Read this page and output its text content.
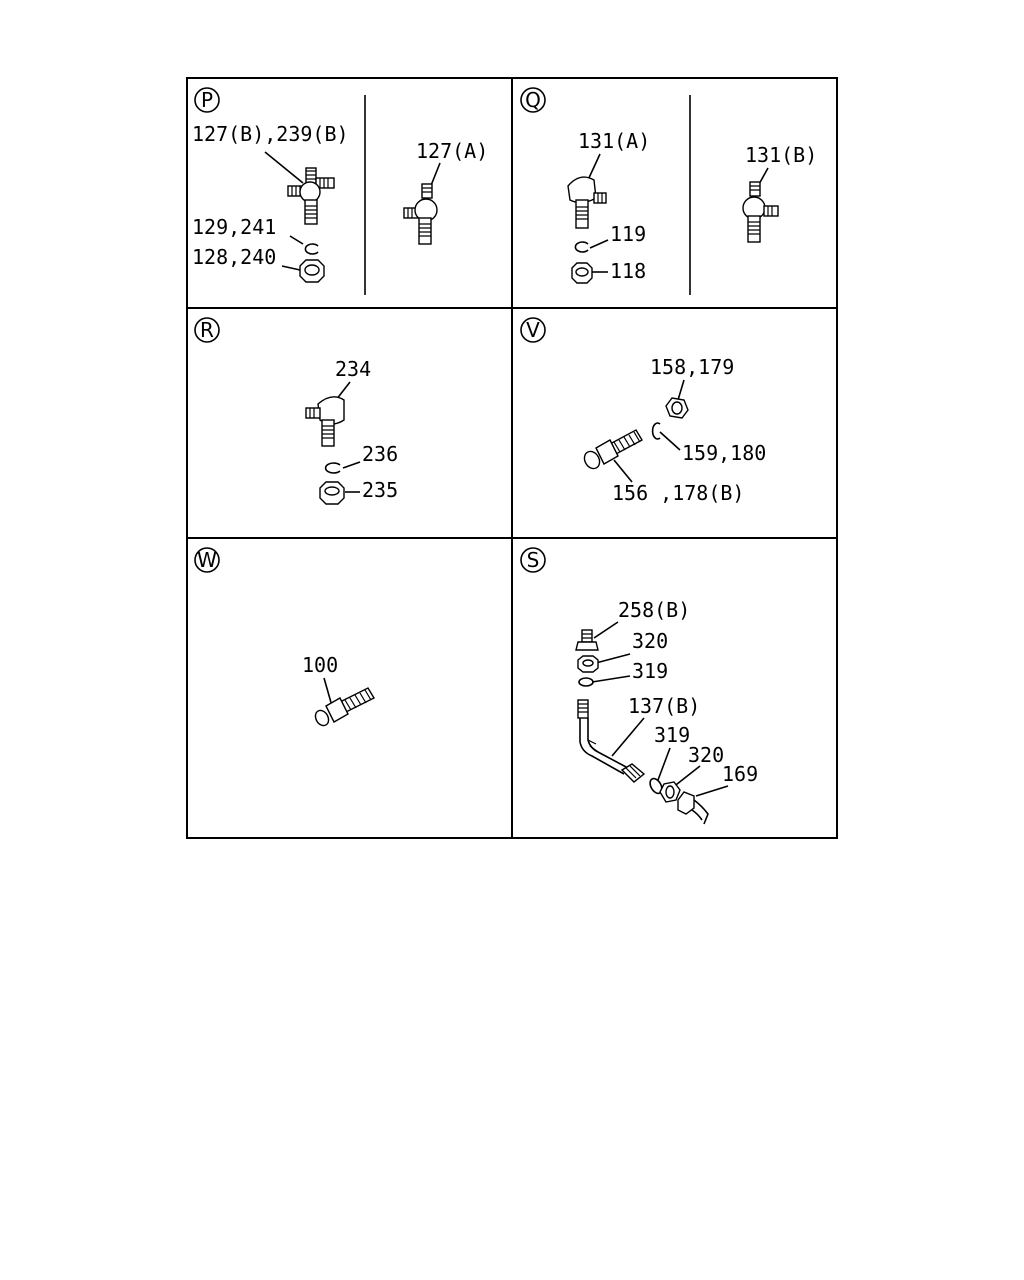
P
127(B),239(B)
127(A)
129,241
128,240
Q
131(A)
131(B)
119
118
R
234
236
235
V
158,179
159,180
156 ,178(B)
W
100
S
258(B)
320
319
137(B)
319
320
169
